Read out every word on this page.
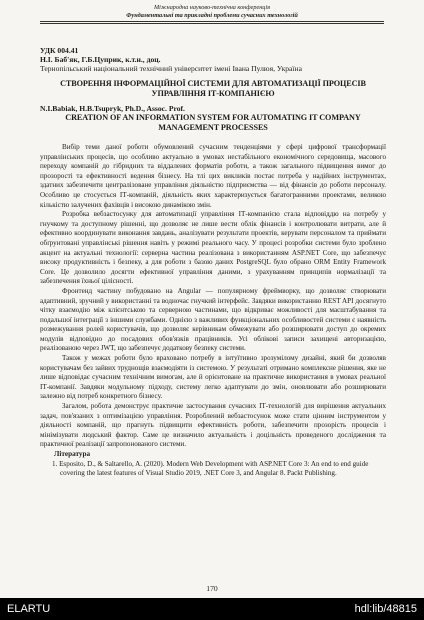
Міжнародна науково-технічна конференція
Фундаментальні та прикладні проблеми сучасних технологій
УДК 004.41
Н.І. Баб'як, Г.Б.Цуприк, к.т.н., доц.
Тернопільський національний технічний університет імені Івана Пулюя, Україна
СТВОРЕННЯ ІНФОРМАЦІЙНОЇ СИСТЕМИ ДЛЯ АВТОМАТИЗАЦІЇ ПРОЦЕСІВ УПРАВЛІННЯ ІТ-КОМПАНІЄЮ
N.I.Babiak, H.B.Tsupryk, Ph.D., Assoc. Prof.
CREATION OF AN INFORMATION SYSTEM FOR AUTOMATING IT COMPANY MANAGEMENT PROCESSES

Вибір теми даної роботи обумовлений сучасним тенденціями у сфері цифрової трансформації управлінських процесів, що особливо актуально в умовах нестабільного економічного середовища, масового переходу компаній до гібридних та віддалених форматів роботи, а також загального підвищення вимог до прозорості та ефективності ведення бізнесу. На тлі цих викликів постає потреба у надійних інструментах, здатних забезпечити централізоване управління діяльністю підприємства — від фінансів до роботи персоналу. Особливо це стосується ІТ-компаній, діяльність яких характеризується багатогранними проектами, великою кількістю залучених фахівців і високою динамікою змін.

Розробка вебзастосунку для автоматизації управління ІТ-компанією стала відповіддю на потребу у гнучкому та доступному рішенні, що дозволяє не лише вести облік фінансів і контролювати витрати, але й ефективно координувати виконання завдань, аналізувати результати проектів, керувати персоналом та приймати обґрунтовані управлінські рішення навіть у режимі реального часу. У процесі розробки системи було зроблено акцент на актуальні технології: серверна частина реалізована з використанням ASP.NET Core, що забезпечує високу продуктивність і безпеку, а для роботи з базою даних PostgreSQL було обрано ORM Entity Framework Core. Це дозволило досягти ефективної управління даними, з урахуванням принципів нормалізації та забезпечення їхньої цілісності.

Фронтенд частину побудовано на Angular — популярному фреймворку, що дозволяє створювати адаптивний, зручний у використанні та водночас гнучкий інтерфейс. Завдяки використанню REST API досягнуто чітку взаємодію між клієнтською та серверною частинами, що відкриває можливості для масштабування та подальшої інтеграції з іншими службами. Однією з важливих функціональних особливостей системи є наявність розмежування ролей користувачів, що дозволяє керівникам обмежувати або розширювати доступ до окремих модулів відповідно до посадових обов'язків працівників. Усі облікові записи захищені авторизацією, реалізованою через JWT, що забезпечує додаткову безпеку системи.

Також у межах роботи було враховано потребу в інтуїтивно зрозумілому дизайні, який би дозволяв користувачам без зайвих труднощів взаємодіяти із системою. У результаті отримано комплексне рішення, яке не лише відповідає сучасним технічним вимогам, але й орієнтоване на практичне використання в умовах реальної ІТ-компанії. Завдяки модульному підходу, систему легко адаптувати до змін, оновлювати або розширювати залежно від потреб конкретного бізнесу.

Загалом, робота демонструє практичне застосування сучасних ІТ-технологій для вирішення актуальних задач, пов'язаних з оптимізацією управління. Розроблений вебзастосунок може стати цінним інструментом у діяльності компаній, що прагнуть підвищити ефективність роботи, забезпечити прозорість процесів і мінімізувати людський фактор. Саме це визначило актуальність і доцільність проведеного дослідження та практичної реалізації запропонованого системи.

Література
1. Esposito, D., & Saltarello, A. (2020). Modern Web Development with ASP.NET Core 3: An end to end guide covering the latest features of Visual Studio 2019, .NET Core 3, and Angular 8. Packt Publishing.
170
ELARTU	hdl:lib/48815
